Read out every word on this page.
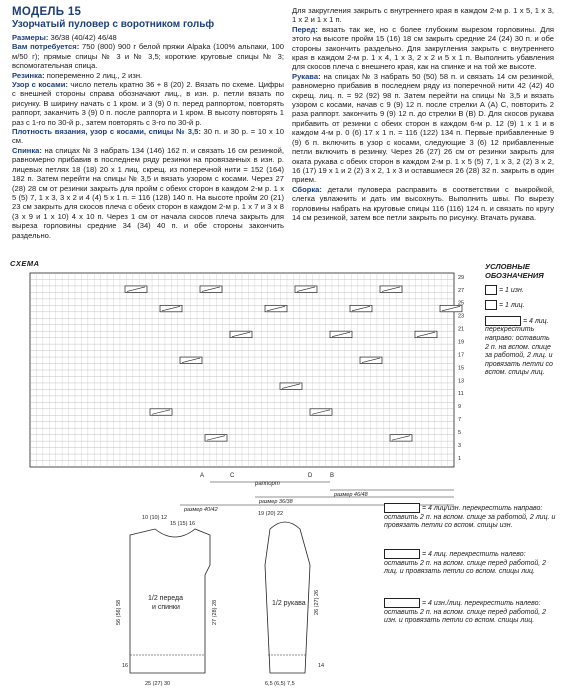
МОДЕЛЬ 15

Узорчатый пуловер с воротником гольф

Размеры: 36/38 (40/42) 46/48

Вам потребуется: 750 (800) 900 г белой пряжи Alpaka (100% альпаки, 100 м/50 г); прямые спицы № 3 и № 3,5; короткие круговые спицы № 3; вспомогательная спица.

Резинка: попеременно 2 лиц., 2 изн.

Узор с косами: число петель кратно 36 + 8 (20) 2. Вязать по схеме. Цифры с внешней стороны справа обозначают лиц., в изн. р. петли вязать по рисунку. В ширину начать с 1 кром. и 3 (9) 0 п. перед раппортом, повторять раппорт, заканчить 3 (9) 0 п. после раппорта и 1 кром. В высоту повторять 1 раз с 1-го по 30-й р., затем повторять с 3-го по 30-й р.

Плотность вязания, узор с косами, спицы № 3,5: 30 п. и 30 р. = 10 х 10 см.

Спинка: на спицах № 3 набрать 134 (146) 162 п. и связать 16 см резинкой, равномерно прибавив в последнем ряду резинки на провязанных в изн. р. лицевых петлях 18 (18) 20 х 1 лиц. скрещ. из поперечной нити = 152 (164) 182 п. Затем перейти на спицы № 3,5 и вязать узором с косами. Через 27 (28) 28 см от резинки закрыть для пройм с обеих сторон в каждом 2-м р. 1 х 5 (5) 7, 1 х 3, 3 х 2 и 4 (4) 5 х 1 п. = 116 (128) 140 п. На высоте пройм 20 (21) 23 см закрыть для скосов плеча с обеих сторон в каждом 2-м р. 1 х 7 и 3 х 8 (3 х 9 и 1 х 10) 4 х 10 п. Через 1 см от начала скосов плеча закрыть для выреза горловины средние 34 (34) 40 п. и обе стороны закончить раздельно.

Для закругления закрыть с внутреннего края в каждом 2-м р. 1 х 5, 1 х 3, 1 х 2 и 1 х 1 п.

Перед: вязать так же, но с более глубоким вырезом горловины. Для этого на высоте пройм 15 (16) 18 см закрыть средние 24 (24) 30 п. и обе стороны закончить раздельно. Для закругления закрыть с внутреннего края в каждом 2-м р. 1 х 4, 1 х 3, 2 х 2 и 5 х 1 п. Выполнить убавления для скосов плеча с внешнего края, как на спинке и на той же высоте.

Рукава: на спицах № 3 набрать 50 (50) 58 п. и связать 14 см резинкой, равномерно прибавив в последнем ряду из поперечной нити 42 (42) 40 скрещ. лиц. п. = 92 (92) 98 п. Затем перейти на спицы № 3,5 и вязать узором с косами, начав с 9 (9) 12 п. после стрелки А (А) С, повторить 2 раза раппорт. закончить 9 (9) 12 п. до стрелки В (В) D. Для скосов рукава прибавить от резинки с обеих сторон в каждом 6-м р. 12 (9) 1 х 1 и в каждом 4-м р. 0 (6) 17 х 1 п. = 116 (122) 134 п. Первые прибавленные 9 (9) 6 п. включить в узор с косами, следующие 3 (6) 12 прибавленные петли включить в резинку. Через 26 (27) 26 см от резинки закрыть для оката рукава с обеих сторон в каждом 2-м р. 1 х 5 (5) 7, 1 х 3, 2 (2) 3 х 2, 16 (17) 19 х 1 и 2 (2) 3 х 2, 1 х 3 и оставшиеся 26 (28) 32 п. закрыть в один прием.

Сборка: детали пуловера расправить в соответствии с выкройкой, слегка увлажнить и дать им высохнуть. Выполнить швы. По вырезу горловины набрать на круговые спицы 116 (116) 124 п. и связать по кругу 14 см резинкой, затем все петли закрыть по рисунку. Втачать рукава.

СХЕМА
29
27
25
23
21
19
17
15
13
11
9
7
5
3
1
A	C	D	B
раппорт
размер 40/42
размер 36/38
размер 46/48
УСЛОВНЫЕ ОБОЗНАЧЕНИЯ
= 1 изн.
= 1 лиц.
= 4 лиц. перекрестить направо: оставить 2 п. на вспом. спице за работой, 2 лиц. и провязать петли со вспом. спицы лиц.
= 4 лиц/изн. перекрестить направо: оставить 2 п. на вспом. спице за работой, 2 лиц. и провязать петли со вспом. спицы изн.
= 4 лиц. перекрестить налево: оставить 2 п. на вспом. спице перед работой, 2 лиц. и провязать петли со вспом. спицы лиц.
= 4 изн./лиц. перекрестить налево: оставить 2 п. на вспом. спице перед работой, 2 изн. и провязать петли со вспом. спицы лиц.
1/2 переда
и спинки
10 (10) 12
15 (15) 16
56 (56) 58
16
27 (28) 28
25 (27) 30
1/2 рукава
19 (20) 22
26 (27) 26
14
6,5 (6,5) 7,5
